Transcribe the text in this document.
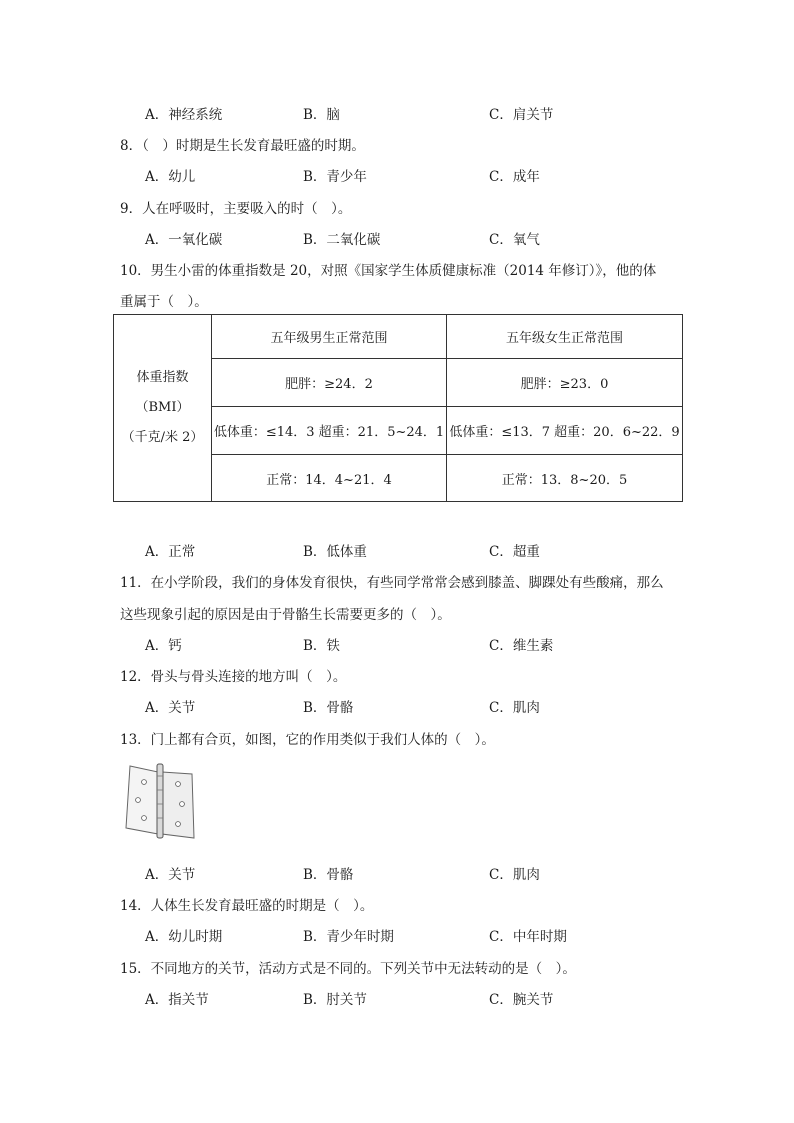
A．神经系统	B．脑	C．肩关节
8．（　）时期是生长发育最旺盛的时期。
A．幼儿	B．青少年	C．成年
9．人在呼吸时，主要吸入的时（　）。
A．一氧化碳	B．二氧化碳	C．氧气
10．男生小雷的体重指数是 20，对照《国家学生体质健康标准（2014 年修订）》，他的体
重属于（　）。
体重指数
（BMI）
（千克/米 2）	五年级男生正常范围	五年级女生正常范围
	肥胖：≥24．2	肥胖：≥23．0
	低体重：≤14．3 超重：21．5~24．1	低体重：≤13．7 超重：20．6~22．9
	正常：14．4~21．4	正常：13．8~20．5
A．正常	B．低体重	C．超重
11．在小学阶段，我们的身体发育很快，有些同学常常会感到膝盖、脚踝处有些酸痛，那么
这些现象引起的原因是由于骨骼生长需要更多的（　）。
A．钙	B．铁	C．维生素
12．骨头与骨头连接的地方叫（　）。
A．关节	B．骨骼	C．肌肉
13．门上都有合页，如图，它的作用类似于我们人体的（　）。
A．关节	B．骨骼	C．肌肉
14．人体生长发育最旺盛的时期是（　）。
A．幼儿时期	B．青少年时期	C．中年时期
15．不同地方的关节，活动方式是不同的。下列关节中无法转动的是（　）。
A．指关节	B．肘关节	C．腕关节
